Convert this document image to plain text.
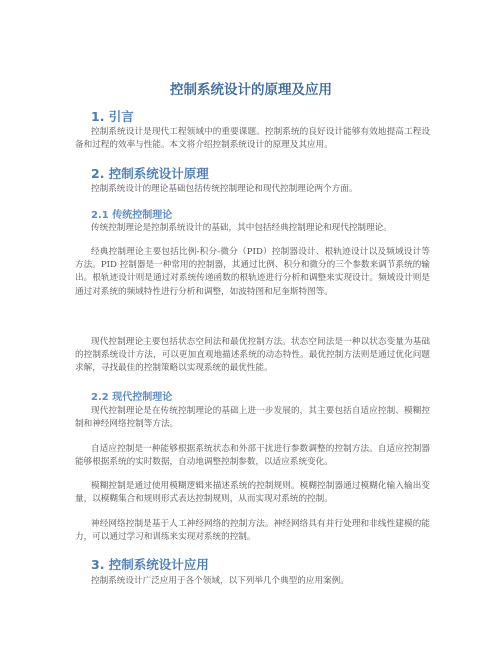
控制系统设计的原理及应用
1. 引言

控制系统设计是现代工程领域中的重要课题。控制系统的良好设计能够有效地提高工程设备和过程的效率与性能。本文将介绍控制系统设计的原理及其应用。

2. 控制系统设计原理

控制系统设计的理论基础包括传统控制理论和现代控制理论两个方面。

2.1 传统控制理论

传统控制理论是控制系统设计的基础，其中包括经典控制理论和现代控制理论。

经典控制理论主要包括比例-积分-微分（PID）控制器设计、根轨迹设计以及频域设计等方法。PID 控制器是一种常用的控制器，其通过比例、积分和微分的三个参数来调节系统的输出。根轨迹设计则是通过对系统传递函数的根轨迹进行分析和调整来实现设计。频域设计则是通过对系统的频域特性进行分析和调整，如波特图和尼奎斯特图等。

现代控制理论主要包括状态空间法和最优控制方法。状态空间法是一种以状态变量为基础的控制系统设计方法，可以更加直观地描述系统的动态特性。最优控制方法则是通过优化问题求解，寻找最佳的控制策略以实现系统的最优性能。

2.2 现代控制理论

现代控制理论是在传统控制理论的基础上进一步发展的，其主要包括自适应控制、模糊控制和神经网络控制等方法。

自适应控制是一种能够根据系统状态和外部干扰进行参数调整的控制方法。自适应控制器能够根据系统的实时数据，自动地调整控制参数，以适应系统变化。

模糊控制是通过使用模糊逻辑来描述系统的控制规则。模糊控制器通过模糊化输入输出变量，以模糊集合和规则形式表达控制规则，从而实现对系统的控制。

神经网络控制是基于人工神经网络的控制方法。神经网络具有并行处理和非线性建模的能力，可以通过学习和训练来实现对系统的控制。

3. 控制系统设计应用

控制系统设计广泛应用于各个领域，以下列举几个典型的应用案例。
